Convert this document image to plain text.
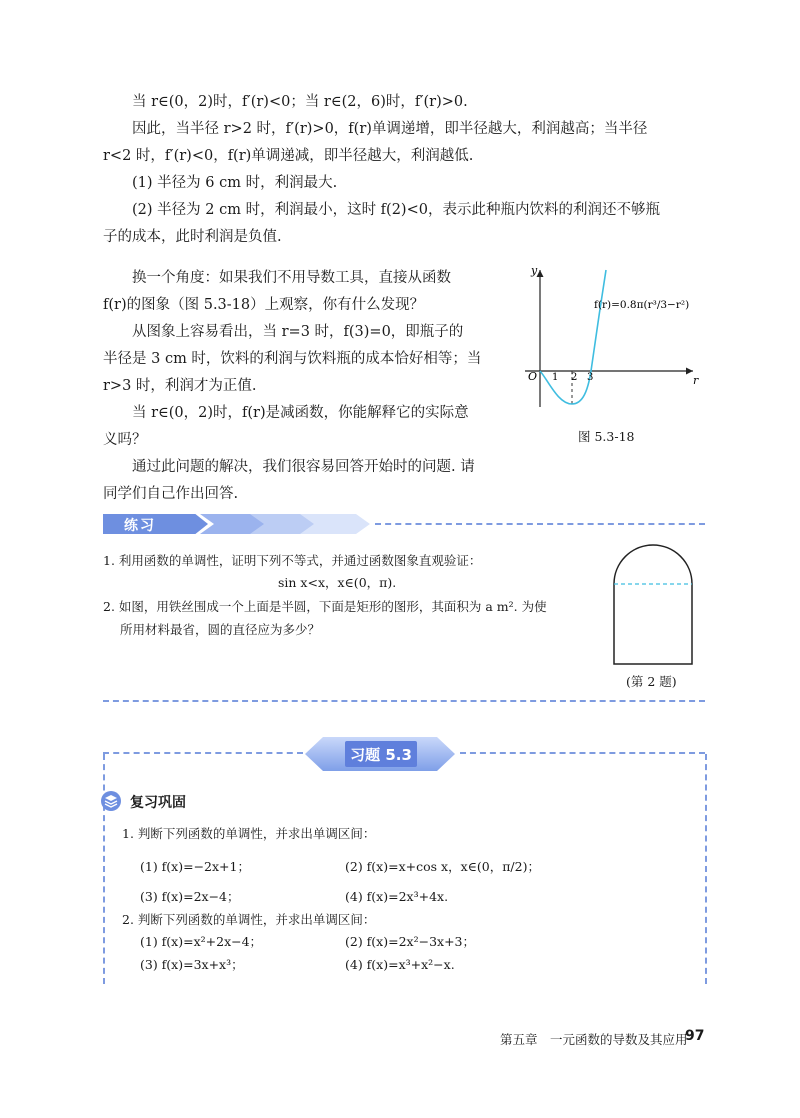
当 r∈(0，2)时，f′(r)<0；当 r∈(2，6)时，f′(r)>0.

因此，当半径 r>2 时，f′(r)>0，f(r)单调递增，即半径越大，利润越高；当半径

r<2 时，f′(r)<0，f(r)单调递减，即半径越大，利润越低.

(1) 半径为 6 cm 时，利润最大.

(2) 半径为 2 cm 时，利润最小，这时 f(2)<0，表示此种瓶内饮料的利润还不够瓶

子的成本，此时利润是负值.

换一个角度：如果我们不用导数工具，直接从函数

f(r)的图象（图 5.3-18）上观察，你有什么发现？

从图象上容易看出，当 r=3 时，f(3)=0，即瓶子的

半径是 3 cm 时，饮料的利润与饮料瓶的成本恰好相等；当

r>3 时，利润才为正值.

当 r∈(0，2)时，f(r)是减函数，你能解释它的实际意

义吗？

通过此问题的解决，我们很容易回答开始时的问题. 请

同学们自己作出回答.

y
r
O 1 2 3
f(r)=0.8π(r³/3−r²)
图 5.3-18
练习

1. 利用函数的单调性，证明下列不等式，并通过函数图象直观验证：

sin x<x，x∈(0，π).

2. 如图，用铁丝围成一个上面是半圆，下面是矩形的图形，其面积为 a m². 为使

所用材料最省，圆的直径应为多少？

(第 2 题)
习题 5.3
复习巩固

1. 判断下列函数的单调性，并求出单调区间：

(1) f(x)=−2x+1；	(2) f(x)=x+cos x，x∈(0，π/2)；

(3) f(x)=2x−4；	(4) f(x)=2x³+4x.

2. 判断下列函数的单调性，并求出单调区间：

(1) f(x)=x²+2x−4；	(2) f(x)=2x²−3x+3；

(3) f(x)=3x+x³；	(4) f(x)=x³+x²−x.

第五章　一元函数的导数及其应用
97
